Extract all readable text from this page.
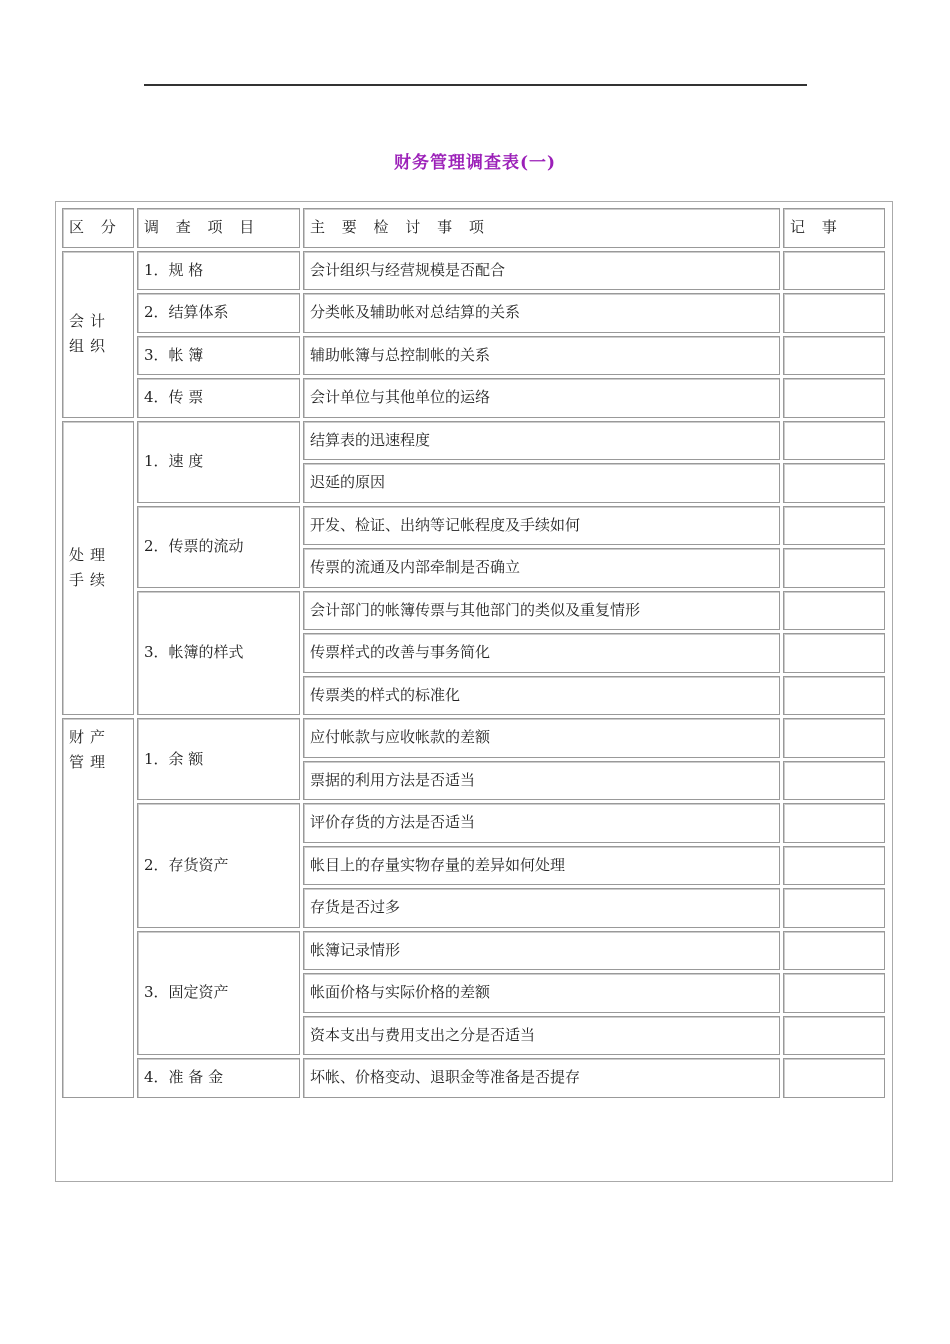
财务管理调查表(一)
区 分	调 查 项 目	主 要 检 讨 事 项	记 事
会计组织	1．规 格	会计组织与经营规模是否配合	
	2．结算体系	分类帐及辅助帐对总结算的关系	
	3．帐 簿	辅助帐簿与总控制帐的关系	
	4．传 票	会计单位与其他单位的运络	
处理手续	1．速 度	结算表的迅速程度	
		迟延的原因	
	2．传票的流动	开发、检证、出纳等记帐程度及手续如何	
		传票的流通及内部牵制是否确立	
	3．帐簿的样式	会计部门的帐簿传票与其他部门的类似及重复情形	
		传票样式的改善与事务简化	
		传票类的样式的标准化	
财产管理	1．余 额	应付帐款与应收帐款的差额	
		票据的利用方法是否适当	
	2．存货资产	评价存货的方法是否适当	
		帐目上的存量实物存量的差异如何处理	
		存货是否过多	
	3．固定资产	帐簿记录情形	
		帐面价格与实际价格的差额	
		资本支出与费用支出之分是否适当	
	4．准 备 金	坏帐、价格变动、退职金等准备是否提存	
